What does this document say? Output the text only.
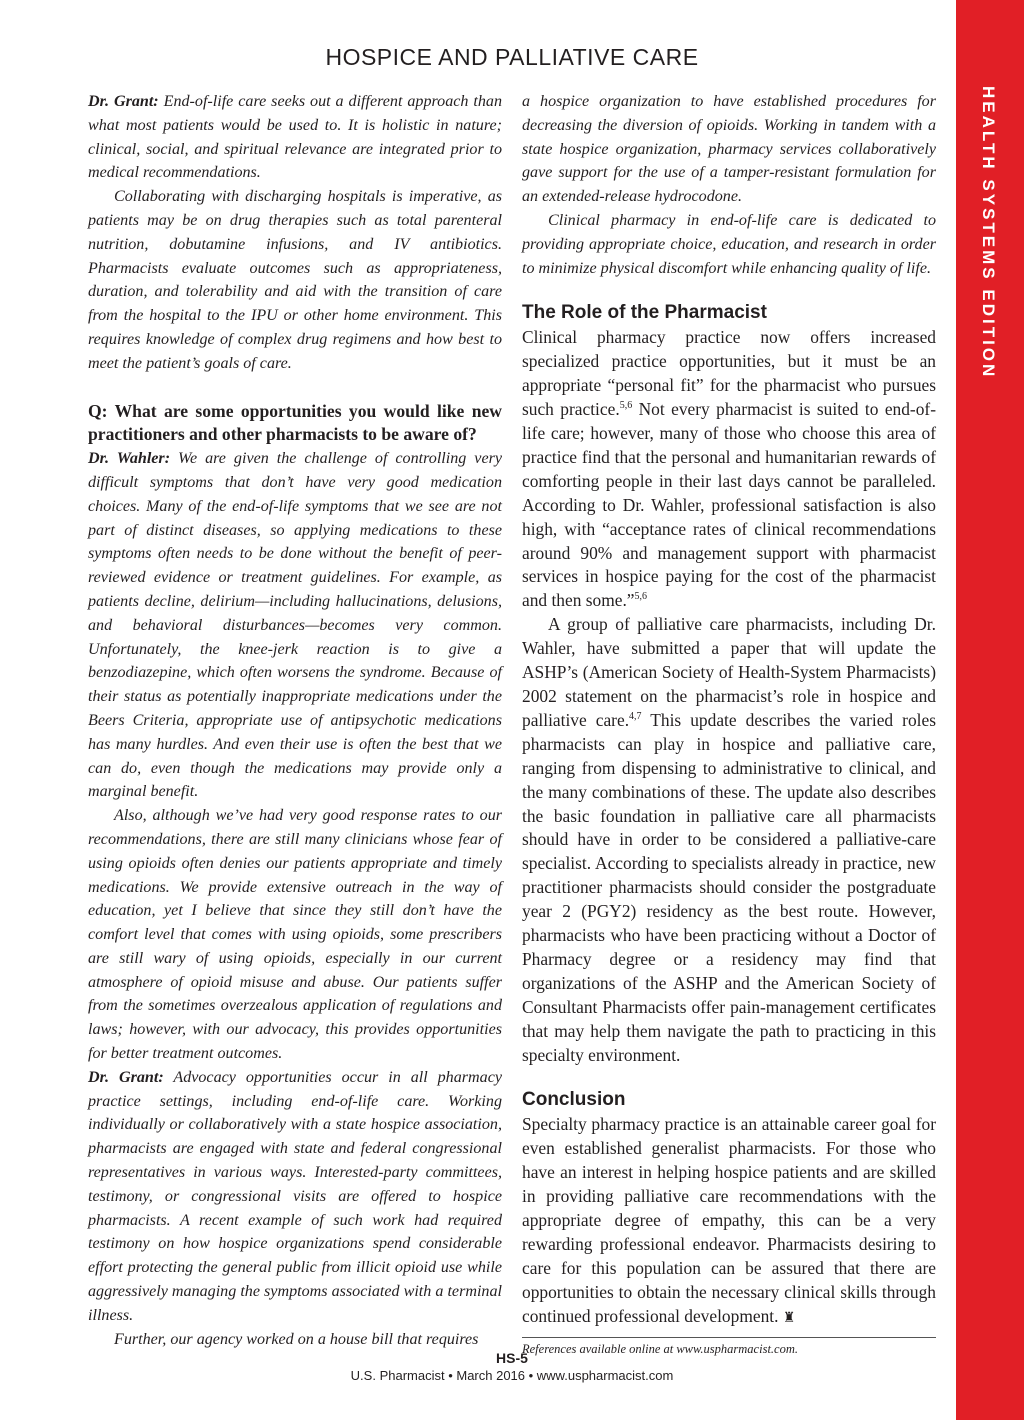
HOSPICE AND PALLIATIVE CARE
HEALTH SYSTEMS EDITION

Dr. Grant: End-of-life care seeks out a different approach than what most patients would be used to. It is holistic in nature; clinical, social, and spiritual relevance are integrated prior to medical recommendations.

Collaborating with discharging hospitals is imperative, as patients may be on drug therapies such as total parenteral nutrition, dobutamine infusions, and IV antibiotics. Pharmacists evaluate outcomes such as appropriateness, duration, and tolerability and aid with the transition of care from the hospital to the IPU or other home environment. This requires knowledge of complex drug regimens and how best to meet the patient’s goals of care.

Q: What are some opportunities you would like new practitioners and other pharmacists to be aware of?

Dr. Wahler: We are given the challenge of controlling very difficult symptoms that don’t have very good medication choices. Many of the end-of-life symptoms that we see are not part of distinct diseases, so applying medications to these symptoms often needs to be done without the benefit of peer-reviewed evidence or treatment guidelines. For example, as patients decline, delirium—including hallucinations, delusions, and behavioral disturbances—becomes very common. Unfortunately, the knee-jerk reaction is to give a benzodiazepine, which often worsens the syndrome. Because of their status as potentially inappropriate medications under the Beers Criteria, appropriate use of antipsychotic medications has many hurdles. And even their use is often the best that we can do, even though the medications may provide only a marginal benefit.

Also, although we’ve had very good response rates to our recommendations, there are still many clinicians whose fear of using opioids often denies our patients appropriate and timely medications. We provide extensive outreach in the way of education, yet I believe that since they still don’t have the comfort level that comes with using opioids, some prescribers are still wary of using opioids, especially in our current atmosphere of opioid misuse and abuse. Our patients suffer from the sometimes overzealous application of regulations and laws; however, with our advocacy, this provides opportunities for better treatment outcomes.

Dr. Grant: Advocacy opportunities occur in all pharmacy practice settings, including end-of-life care. Working individually or collaboratively with a state hospice association, pharmacists are engaged with state and federal congressional representatives in various ways. Interested-party committees, testimony, or congressional visits are offered to hospice pharmacists. A recent example of such work had required testimony on how hospice organizations spend considerable effort protecting the general public from illicit opioid use while aggressively managing the symptoms associated with a terminal illness.

Further, our agency worked on a house bill that requires

a hospice organization to have established procedures for decreasing the diversion of opioids. Working in tandem with a state hospice organization, pharmacy services collaboratively gave support for the use of a tamper-resistant formulation for an extended-release hydrocodone.

Clinical pharmacy in end-of-life care is dedicated to providing appropriate choice, education, and research in order to minimize physical discomfort while enhancing quality of life.

The Role of the Pharmacist

Clinical pharmacy practice now offers increased specialized practice opportunities, but it must be an appropriate “personal fit” for the pharmacist who pursues such practice.$^{5,6}$ Not every pharmacist is suited to end-of-life care; however, many of those who choose this area of practice find that the personal and humanitarian rewards of comforting people in their last days cannot be paralleled. According to Dr. Wahler, professional satisfaction is also high, with “acceptance rates of clinical recommendations around 90% and management support with pharmacist services in hospice paying for the cost of the pharmacist and then some.”$^{5,6}$

A group of palliative care pharmacists, including Dr. Wahler, have submitted a paper that will update the ASHP’s (American Society of Health-System Pharmacists) 2002 statement on the pharmacist’s role in hospice and palliative care.$^{4,7}$ This update describes the varied roles pharmacists can play in hospice and palliative care, ranging from dispensing to administrative to clinical, and the many combinations of these. The update also describes the basic foundation in palliative care all pharmacists should have in order to be considered a palliative-care specialist. According to specialists already in practice, new practitioner pharmacists should consider the postgraduate year 2 (PGY2) residency as the best route. However, pharmacists who have been practicing without a Doctor of Pharmacy degree or a residency may find that organizations of the ASHP and the American Society of Consultant Pharmacists offer pain-management certificates that may help them navigate the path to practicing in this specialty environment.

Conclusion

Specialty pharmacy practice is an attainable career goal for even established generalist pharmacists. For those who have an interest in helping hospice patients and are skilled in providing palliative care recommendations with the appropriate degree of empathy, this can be a very rewarding professional endeavor. Pharmacists desiring to care for this population can be assured that there are opportunities to obtain the necessary clinical skills through continued professional development. ♜

References available online at www.uspharmacist.com.
HS-5
U.S. Pharmacist • March 2016 • www.uspharmacist.com
